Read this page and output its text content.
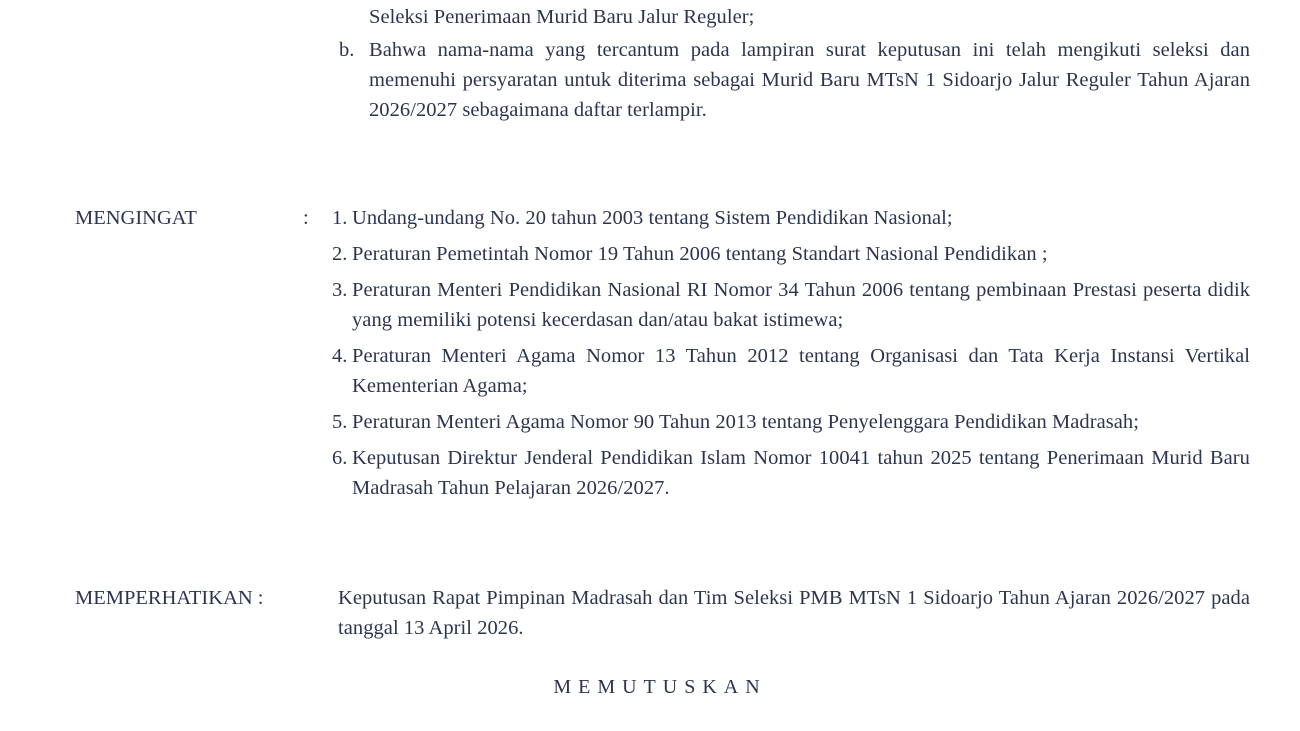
Seleksi Penerimaan Murid Baru Jalur Reguler;
b. Bahwa nama-nama yang tercantum pada lampiran surat keputusan ini telah mengikuti seleksi dan memenuhi persyaratan untuk diterima sebagai Murid Baru MTsN 1 Sidoarjo Jalur Reguler Tahun Ajaran 2026/2027 sebagaimana daftar terlampir.
MENGINGAT	: 1. Undang-undang No. 20 tahun 2003 tentang Sistem Pendidikan Nasional;
2. Peraturan Pemetintah Nomor 19 Tahun 2006 tentang Standart Nasional Pendidikan ;
3. Peraturan Menteri Pendidikan Nasional RI Nomor 34 Tahun 2006 tentang pembinaan Prestasi peserta didik yang memiliki potensi kecerdasan dan/atau bakat istimewa;
4. Peraturan Menteri Agama Nomor 13 Tahun 2012 tentang Organisasi dan Tata Kerja Instansi Vertikal Kementerian Agama;
5. Peraturan Menteri Agama Nomor 90 Tahun 2013 tentang Penyelenggara Pendidikan Madrasah;
6. Keputusan Direktur Jenderal Pendidikan Islam Nomor 10041 tahun 2025 tentang Penerimaan Murid Baru Madrasah Tahun Pelajaran 2026/2027.
MEMPERHATIKAN :	Keputusan Rapat Pimpinan Madrasah dan Tim Seleksi PMB MTsN 1 Sidoarjo Tahun Ajaran 2026/2027 pada tanggal 13 April 2026.
MEMUTUSKAN
